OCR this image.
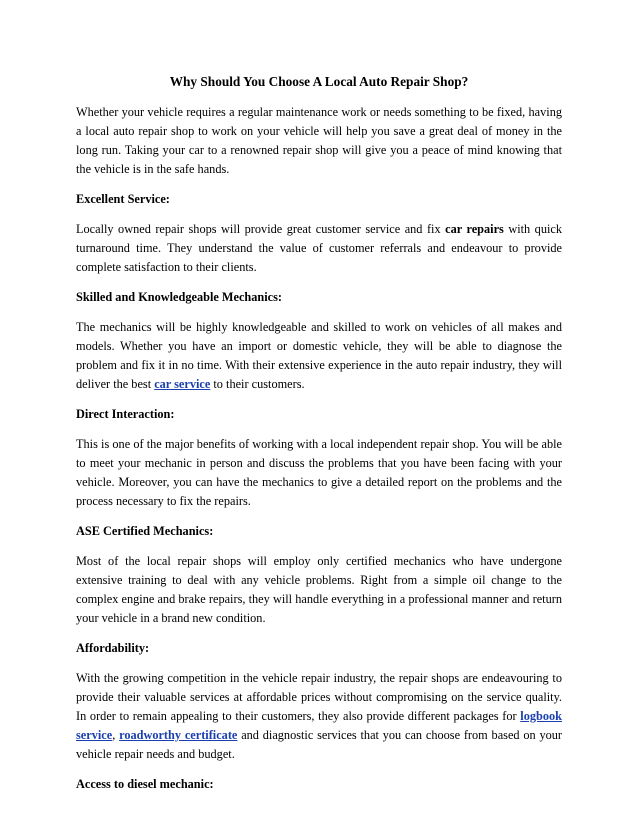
Why Should You Choose A Local Auto Repair Shop?

Whether your vehicle requires a regular maintenance work or needs something to be fixed, having a local auto repair shop to work on your vehicle will help you save a great deal of money in the long run. Taking your car to a renowned repair shop will give you a peace of mind knowing that the vehicle is in the safe hands.

Excellent Service:

Locally owned repair shops will provide great customer service and fix car repairs with quick turnaround time. They understand the value of customer referrals and endeavour to provide complete satisfaction to their clients.

Skilled and Knowledgeable Mechanics:

The mechanics will be highly knowledgeable and skilled to work on vehicles of all makes and models. Whether you have an import or domestic vehicle, they will be able to diagnose the problem and fix it in no time. With their extensive experience in the auto repair industry, they will deliver the best car service to their customers.

Direct Interaction:

This is one of the major benefits of working with a local independent repair shop. You will be able to meet your mechanic in person and discuss the problems that you have been facing with your vehicle. Moreover, you can have the mechanics to give a detailed report on the problems and the process necessary to fix the repairs.

ASE Certified Mechanics:

Most of the local repair shops will employ only certified mechanics who have undergone extensive training to deal with any vehicle problems. Right from a simple oil change to the complex engine and brake repairs, they will handle everything in a professional manner and return your vehicle in a brand new condition.

Affordability:

With the growing competition in the vehicle repair industry, the repair shops are endeavouring to provide their valuable services at affordable prices without compromising on the service quality. In order to remain appealing to their customers, they also provide different packages for logbook service, roadworthy certificate and diagnostic services that you can choose from based on your vehicle repair needs and budget.

Access to diesel mechanic:
